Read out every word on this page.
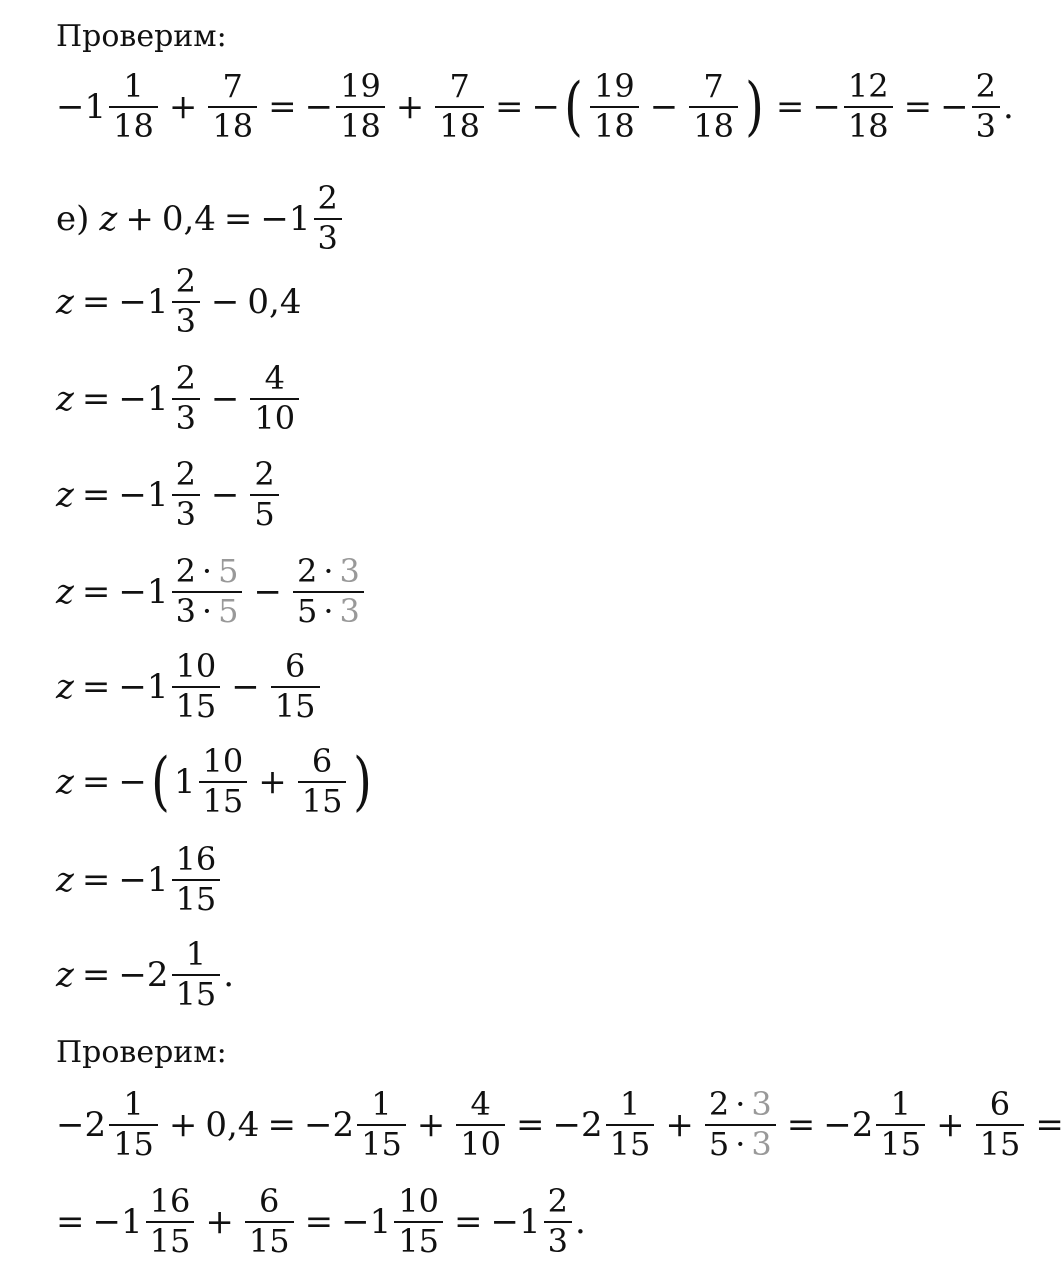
Проверим:
− $1 \frac{1}{18} + \frac{7}{18}$ = − $\frac{19}{18} + \frac{7}{18}$ = − ( $\frac{19}{18} - \frac{7}{18}$ ) = − $\frac{12}{18}$ = − $\frac{2}{3}$ .
е) z + 0,4 = − $1 \frac{2}{3}$
z = − $1 \frac{2}{3} - 0,4$
z = − $1 \frac{2}{3} - \frac{4}{10}$
z = − $1 \frac{2}{3} - \frac{2}{5}$
z = − $1 \frac{2 \cdot 5}{3 \cdot 5} - \frac{2 \cdot 3}{5 \cdot 3}$
z = − $1 \frac{10}{15} - \frac{6}{15}$
z = − ( $1 \frac{10}{15} + \frac{6}{15}$ )
z = − $1 \frac{16}{15}$
z = − $2 \frac{1}{15}$ .
Проверим:
− $2 \frac{1}{15} + 0,4$ = − $2 \frac{1}{15} + \frac{4}{10}$ = − $2 \frac{1}{15} + \frac{2 \cdot 3}{5 \cdot 3}$ = − $2 \frac{1}{15} + \frac{6}{15}$ =
= − $1 \frac{16}{15} + \frac{6}{15}$ = − $1 \frac{10}{15}$ = − $1 \frac{2}{3}$ .
